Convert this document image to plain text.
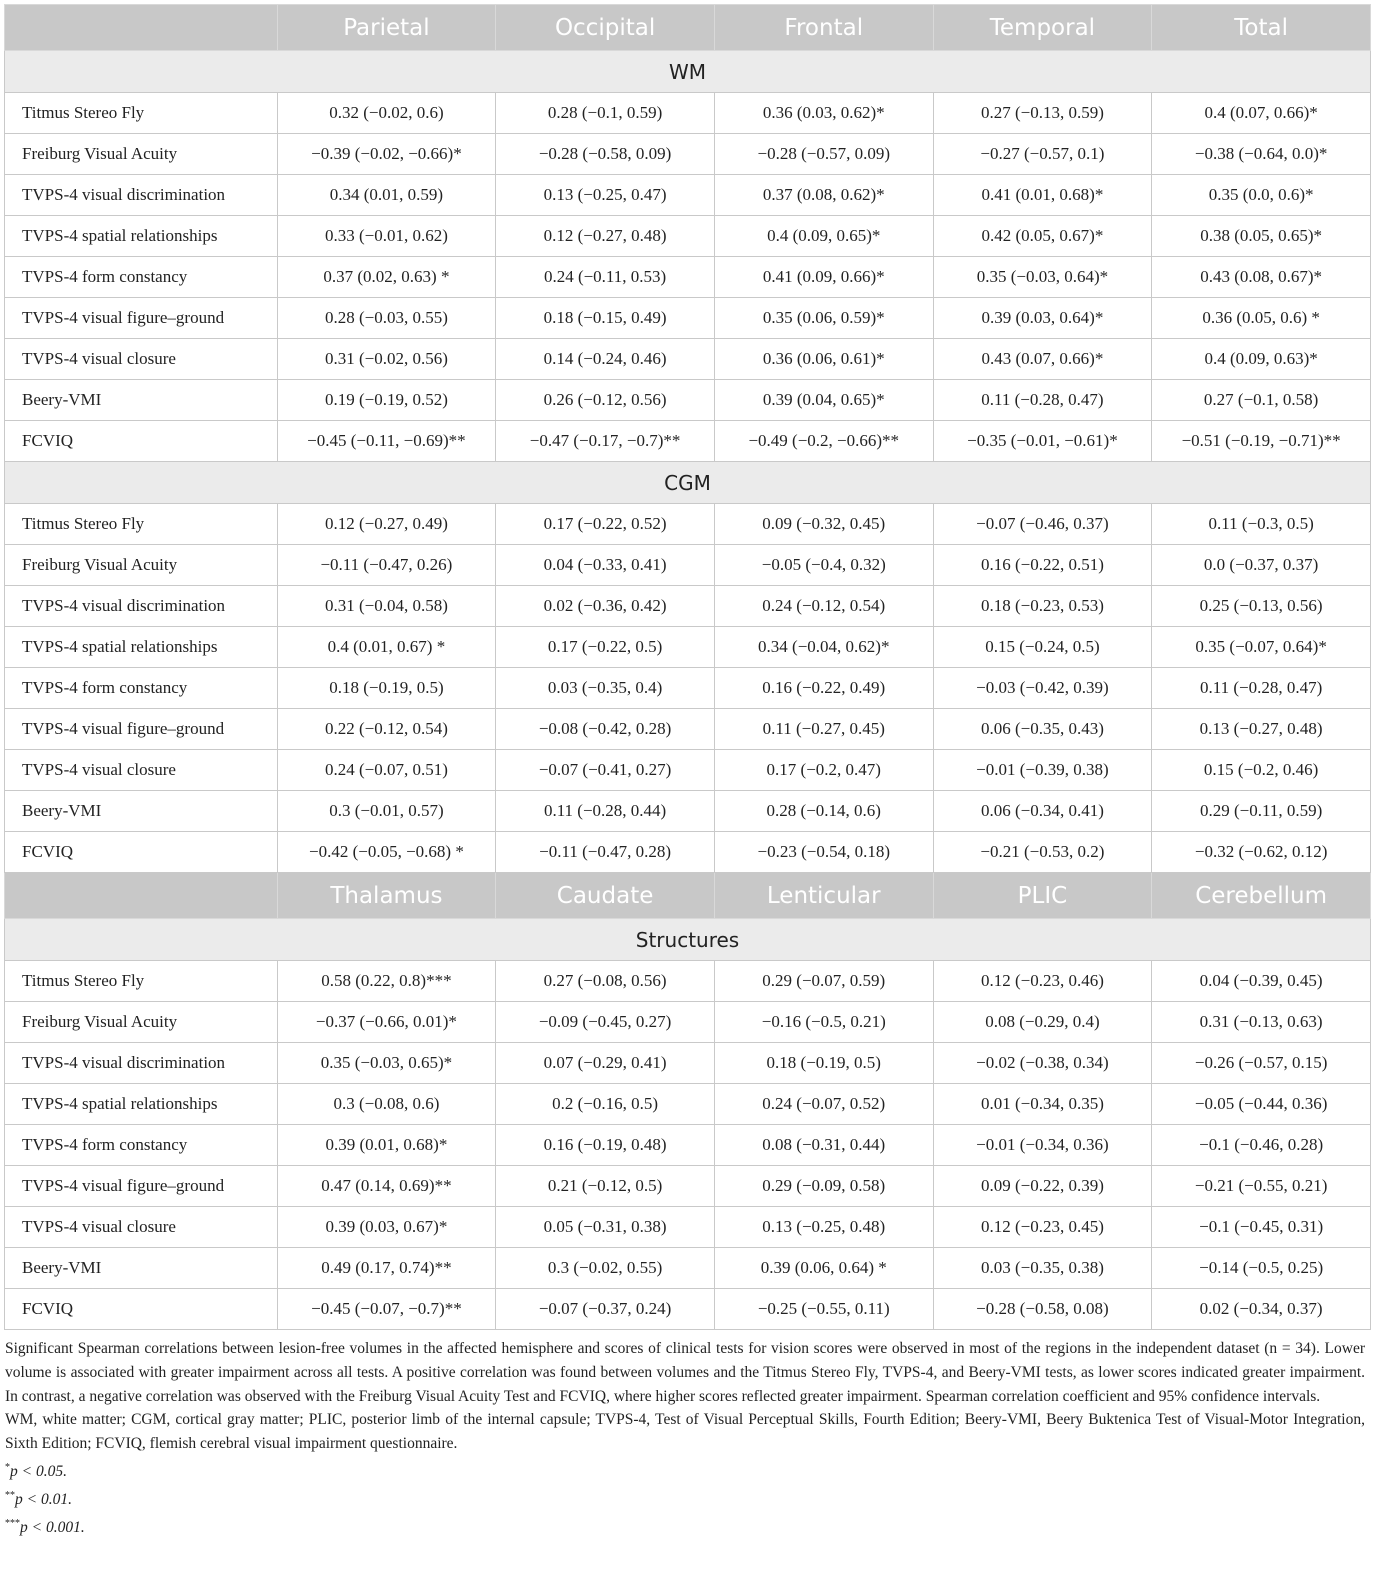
	Parietal	Occipital	Frontal	Temporal	Total
WM					
Titmus Stereo Fly	0.32 (−0.02, 0.6)	0.28 (−0.1, 0.59)	0.36 (0.03, 0.62)*	0.27 (−0.13, 0.59)	0.4 (0.07, 0.66)*
Freiburg Visual Acuity	−0.39 (−0.02, −0.66)*	−0.28 (−0.58, 0.09)	−0.28 (−0.57, 0.09)	−0.27 (−0.57, 0.1)	−0.38 (−0.64, 0.0)*
TVPS-4 visual discrimination	0.34 (0.01, 0.59)	0.13 (−0.25, 0.47)	0.37 (0.08, 0.62)*	0.41 (0.01, 0.68)*	0.35 (0.0, 0.6)*
TVPS-4 spatial relationships	0.33 (−0.01, 0.62)	0.12 (−0.27, 0.48)	0.4 (0.09, 0.65)*	0.42 (0.05, 0.67)*	0.38 (0.05, 0.65)*
TVPS-4 form constancy	0.37 (0.02, 0.63) *	0.24 (−0.11, 0.53)	0.41 (0.09, 0.66)*	0.35 (−0.03, 0.64)*	0.43 (0.08, 0.67)*
TVPS-4 visual figure–ground	0.28 (−0.03, 0.55)	0.18 (−0.15, 0.49)	0.35 (0.06, 0.59)*	0.39 (0.03, 0.64)*	0.36 (0.05, 0.6) *
TVPS-4 visual closure	0.31 (−0.02, 0.56)	0.14 (−0.24, 0.46)	0.36 (0.06, 0.61)*	0.43 (0.07, 0.66)*	0.4 (0.09, 0.63)*
Beery-VMI	0.19 (−0.19, 0.52)	0.26 (−0.12, 0.56)	0.39 (0.04, 0.65)*	0.11 (−0.28, 0.47)	0.27 (−0.1, 0.58)
FCVIQ	−0.45 (−0.11, −0.69)**	−0.47 (−0.17, −0.7)**	−0.49 (−0.2, −0.66)**	−0.35 (−0.01, −0.61)*	−0.51 (−0.19, −0.71)**
CGM					
Titmus Stereo Fly	0.12 (−0.27, 0.49)	0.17 (−0.22, 0.52)	0.09 (−0.32, 0.45)	−0.07 (−0.46, 0.37)	0.11 (−0.3, 0.5)
Freiburg Visual Acuity	−0.11 (−0.47, 0.26)	0.04 (−0.33, 0.41)	−0.05 (−0.4, 0.32)	0.16 (−0.22, 0.51)	0.0 (−0.37, 0.37)
TVPS-4 visual discrimination	0.31 (−0.04, 0.58)	0.02 (−0.36, 0.42)	0.24 (−0.12, 0.54)	0.18 (−0.23, 0.53)	0.25 (−0.13, 0.56)
TVPS-4 spatial relationships	0.4 (0.01, 0.67) *	0.17 (−0.22, 0.5)	0.34 (−0.04, 0.62)*	0.15 (−0.24, 0.5)	0.35 (−0.07, 0.64)*
TVPS-4 form constancy	0.18 (−0.19, 0.5)	0.03 (−0.35, 0.4)	0.16 (−0.22, 0.49)	−0.03 (−0.42, 0.39)	0.11 (−0.28, 0.47)
TVPS-4 visual figure–ground	0.22 (−0.12, 0.54)	−0.08 (−0.42, 0.28)	0.11 (−0.27, 0.45)	0.06 (−0.35, 0.43)	0.13 (−0.27, 0.48)
TVPS-4 visual closure	0.24 (−0.07, 0.51)	−0.07 (−0.41, 0.27)	0.17 (−0.2, 0.47)	−0.01 (−0.39, 0.38)	0.15 (−0.2, 0.46)
Beery-VMI	0.3 (−0.01, 0.57)	0.11 (−0.28, 0.44)	0.28 (−0.14, 0.6)	0.06 (−0.34, 0.41)	0.29 (−0.11, 0.59)
FCVIQ	−0.42 (−0.05, −0.68) *	−0.11 (−0.47, 0.28)	−0.23 (−0.54, 0.18)	−0.21 (−0.53, 0.2)	−0.32 (−0.62, 0.12)
	Thalamus	Caudate	Lenticular	PLIC	Cerebellum
Structures					
Titmus Stereo Fly	0.58 (0.22, 0.8)***	0.27 (−0.08, 0.56)	0.29 (−0.07, 0.59)	0.12 (−0.23, 0.46)	0.04 (−0.39, 0.45)
Freiburg Visual Acuity	−0.37 (−0.66, 0.01)*	−0.09 (−0.45, 0.27)	−0.16 (−0.5, 0.21)	0.08 (−0.29, 0.4)	0.31 (−0.13, 0.63)
TVPS-4 visual discrimination	0.35 (−0.03, 0.65)*	0.07 (−0.29, 0.41)	0.18 (−0.19, 0.5)	−0.02 (−0.38, 0.34)	−0.26 (−0.57, 0.15)
TVPS-4 spatial relationships	0.3 (−0.08, 0.6)	0.2 (−0.16, 0.5)	0.24 (−0.07, 0.52)	0.01 (−0.34, 0.35)	−0.05 (−0.44, 0.36)
TVPS-4 form constancy	0.39 (0.01, 0.68)*	0.16 (−0.19, 0.48)	0.08 (−0.31, 0.44)	−0.01 (−0.34, 0.36)	−0.1 (−0.46, 0.28)
TVPS-4 visual figure–ground	0.47 (0.14, 0.69)**	0.21 (−0.12, 0.5)	0.29 (−0.09, 0.58)	0.09 (−0.22, 0.39)	−0.21 (−0.55, 0.21)
TVPS-4 visual closure	0.39 (0.03, 0.67)*	0.05 (−0.31, 0.38)	0.13 (−0.25, 0.48)	0.12 (−0.23, 0.45)	−0.1 (−0.45, 0.31)
Beery-VMI	0.49 (0.17, 0.74)**	0.3 (−0.02, 0.55)	0.39 (0.06, 0.64) *	0.03 (−0.35, 0.38)	−0.14 (−0.5, 0.25)
FCVIQ	−0.45 (−0.07, −0.7)**	−0.07 (−0.37, 0.24)	−0.25 (−0.55, 0.11)	−0.28 (−0.58, 0.08)	0.02 (−0.34, 0.37)

Significant Spearman correlations between lesion-free volumes in the affected hemisphere and scores of clinical tests for vision scores were observed in most of the regions in the independent dataset (n = 34). Lower volume is associated with greater impairment across all tests. A positive correlation was found between volumes and the Titmus Stereo Fly, TVPS-4, and Beery-VMI tests, as lower scores indicated greater impairment. In contrast, a negative correlation was observed with the Freiburg Visual Acuity Test and FCVIQ, where higher scores reflected greater impairment. Spearman correlation coefficient and 95% confidence intervals.

WM, white matter; CGM, cortical gray matter; PLIC, posterior limb of the internal capsule; TVPS-4, Test of Visual Perceptual Skills, Fourth Edition; Beery-VMI, Beery Buktenica Test of Visual-Motor Integration, Sixth Edition; FCVIQ, flemish cerebral visual impairment questionnaire.

*p < 0.05.

**p < 0.01.

***p < 0.001.
